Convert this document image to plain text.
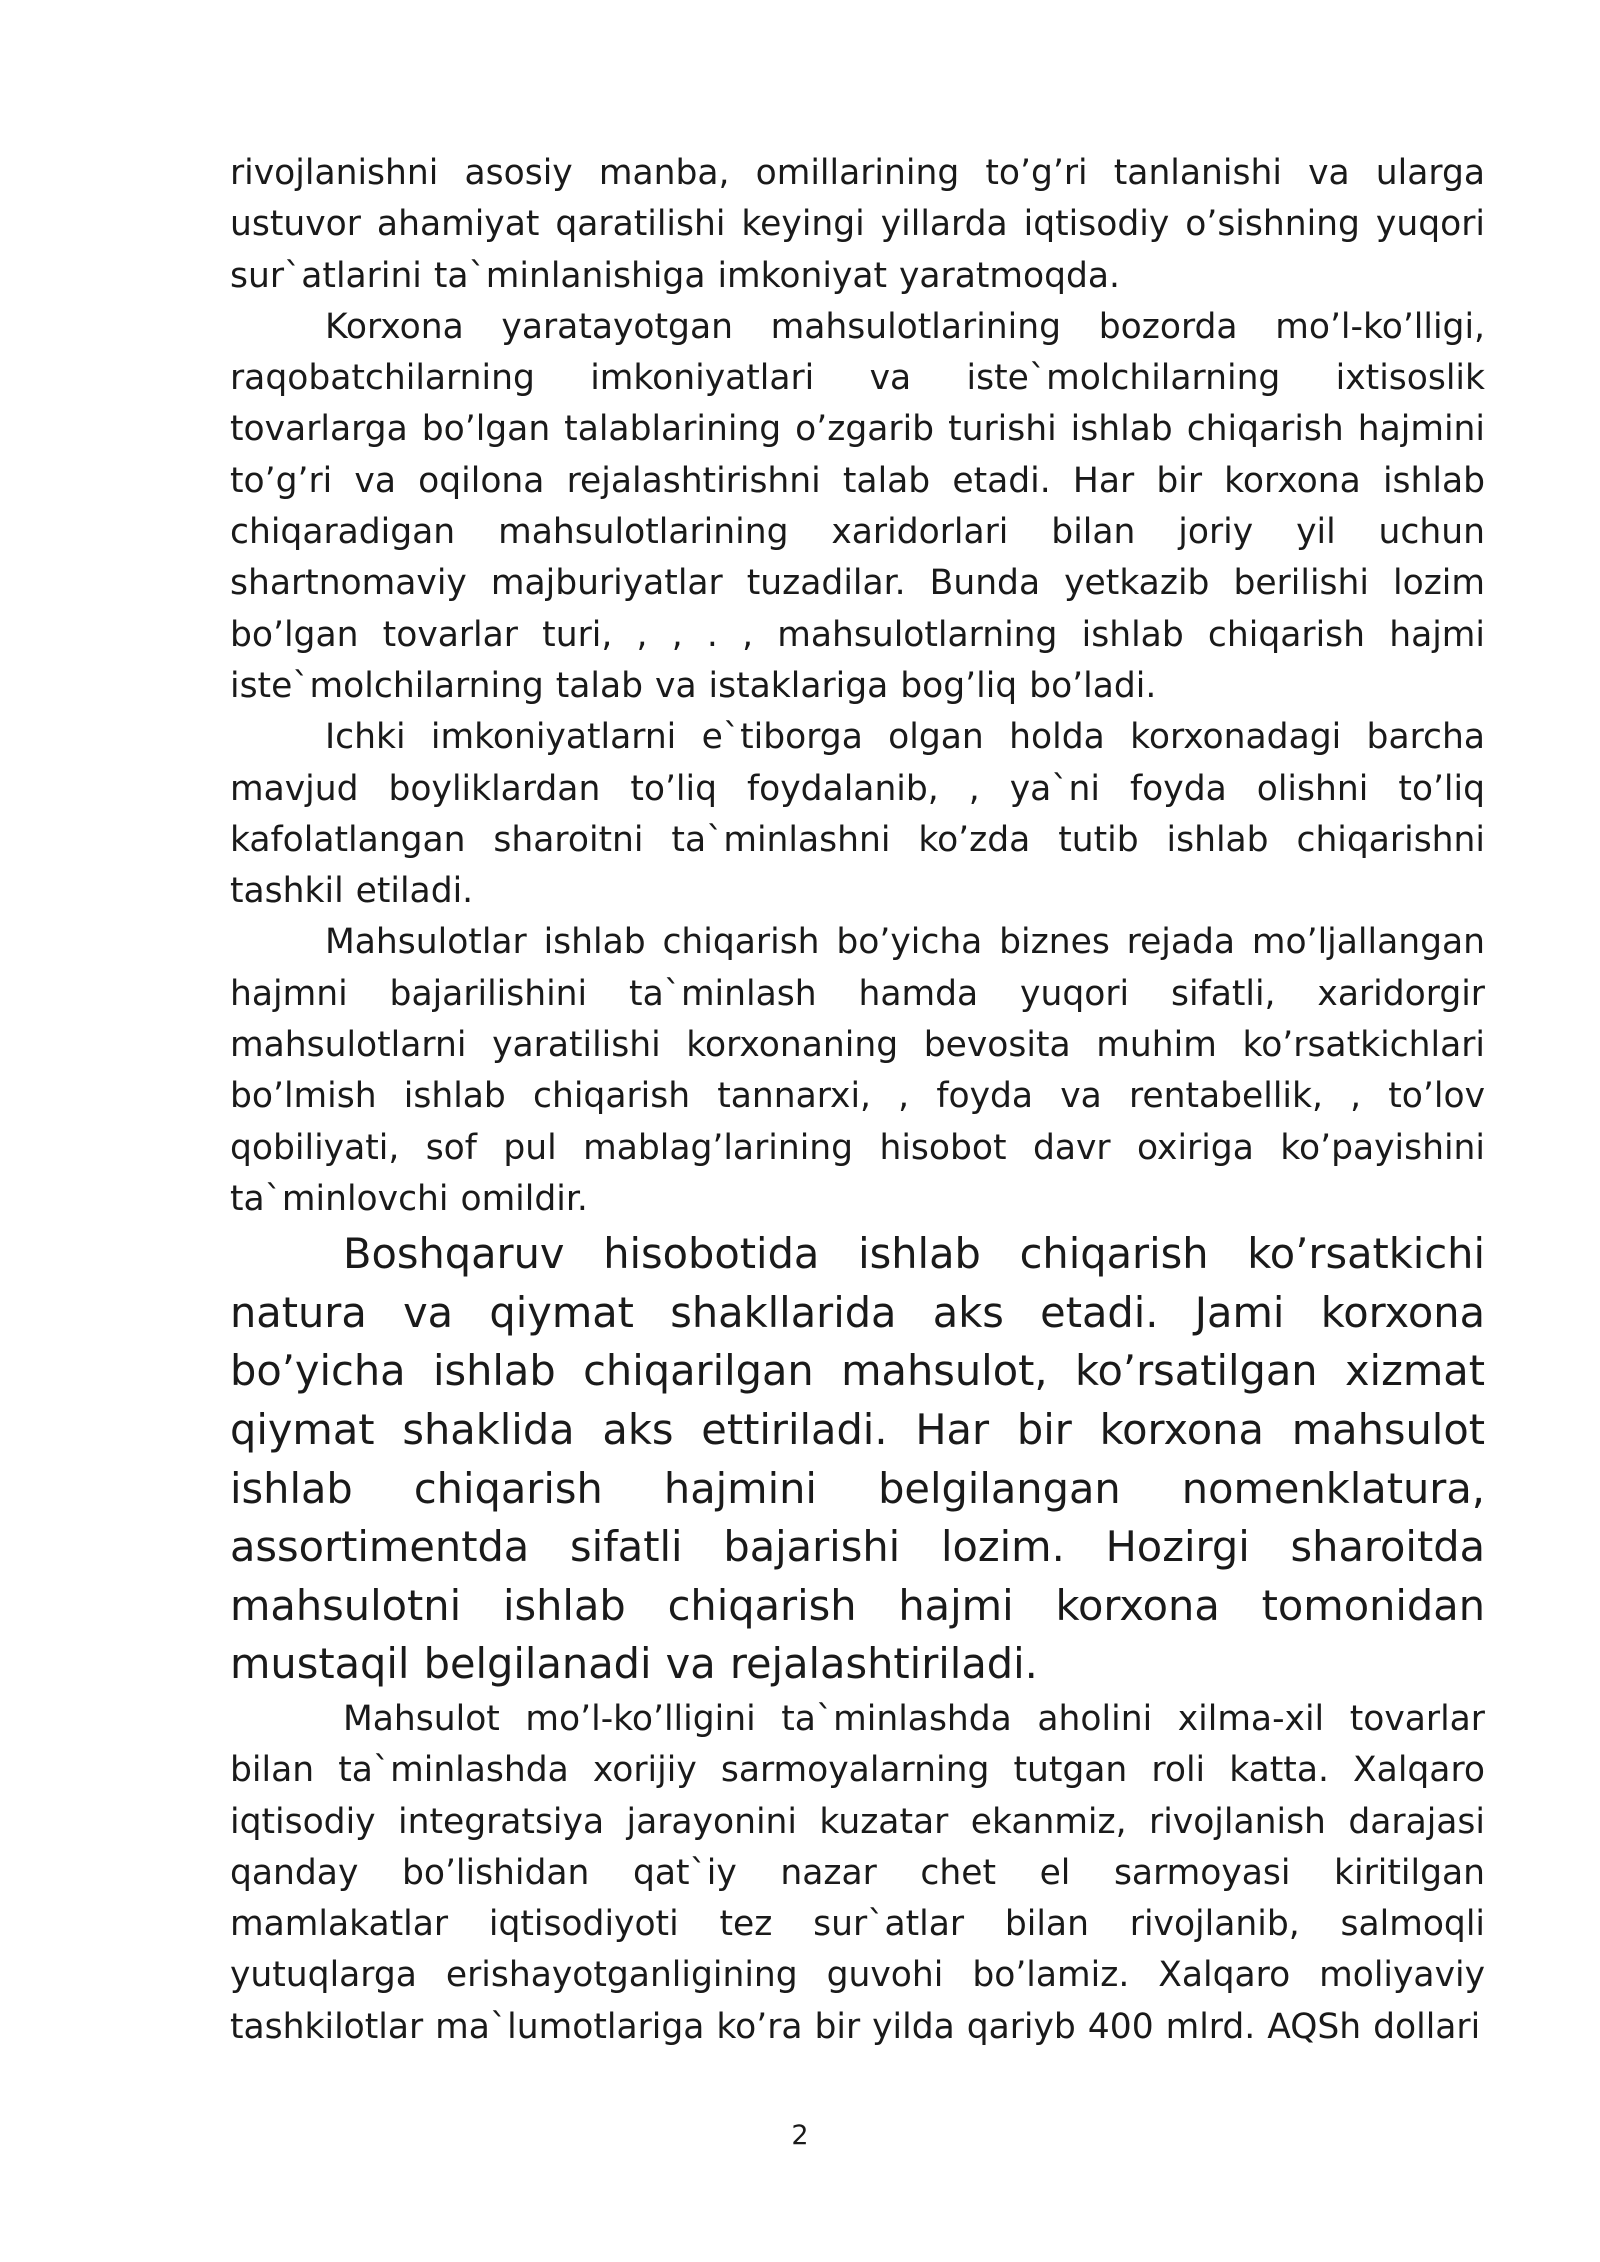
rivojlanishni asosiy manba, omillarining to’g’ri tanlanishi va ularga ustuvor ahamiyat qaratilishi keyingi yillarda iqtisodiy o’sishning yuqori sur`atlarini ta`minlanishiga imkoniyat yaratmoqda.

Korxona yaratayotgan mahsulotlarining bozorda mo’l-ko’lligi, raqobatchilarning imkoniyatlari va iste`molchilarning ixtisoslik tovarlarga bo’lgan talablarining o’zgarib turishi ishlab chiqarish hajmini to’g’ri va oqilona rejalashtirishni talab etadi. Har bir korxona ishlab chiqaradigan mahsulotlarining xaridorlari bilan joriy yil uchun shartnomaviy majburiyatlar tuzadilar. Bunda yetkazib berilishi lozim bo’lgan tovarlar turi, , , . , mahsulotlarning ishlab chiqarish hajmi iste`molchilarning talab va istaklariga bog’liq bo’ladi.

Ichki imkoniyatlarni e`tiborga olgan holda korxonadagi barcha mavjud boyliklardan to’liq foydalanib, , ya`ni foyda olishni to’liq kafolatlangan sharoitni ta`minlashni ko’zda tutib ishlab chiqarishni tashkil etiladi.

Mahsulotlar ishlab chiqarish bo’yicha biznes rejada mo’ljallangan hajmni bajarilishini ta`minlash hamda yuqori sifatli, xaridorgir mahsulotlarni yaratilishi korxonaning bevosita muhim ko’rsatkichlari bo’lmish ishlab chiqarish tannarxi, , foyda va rentabellik, , to’lov qobiliyati, sof pul mablag’larining hisobot davr oxiriga ko’payishini ta`minlovchi omildir.

Boshqaruv hisobotida ishlab chiqarish ko’rsatkichi natura va qiymat shakllarida aks etadi. Jami korxona bo’yicha ishlab chiqarilgan mahsulot, ko’rsatilgan xizmat qiymat shaklida aks ettiriladi. Har bir korxona mahsulot ishlab chiqarish hajmini belgilangan nomenklatura, assortimentda sifatli bajarishi lozim. Hozirgi sharoitda mahsulotni ishlab chiqarish hajmi korxona tomonidan mustaqil belgilanadi va rejalashtiriladi.

Mahsulot mo’l-ko’lligini ta`minlashda aholini xilma-xil tovarlar bilan ta`minlashda xorijiy sarmoyalarning tutgan roli katta. Xalqaro iqtisodiy integratsiya jarayonini kuzatar ekanmiz, rivojlanish darajasi qanday bo’lishidan qat`iy nazar chet el sarmoyasi kiritilgan mamlakatlar iqtisodiyoti tez sur`atlar bilan rivojlanib, salmoqli yutuqlarga erishayotganligining guvohi bo’lamiz. Xalqaro moliyaviy tashkilotlar ma`lumotlariga ko’ra bir yilda qariyb 400 mlrd. AQSh dollari

2
